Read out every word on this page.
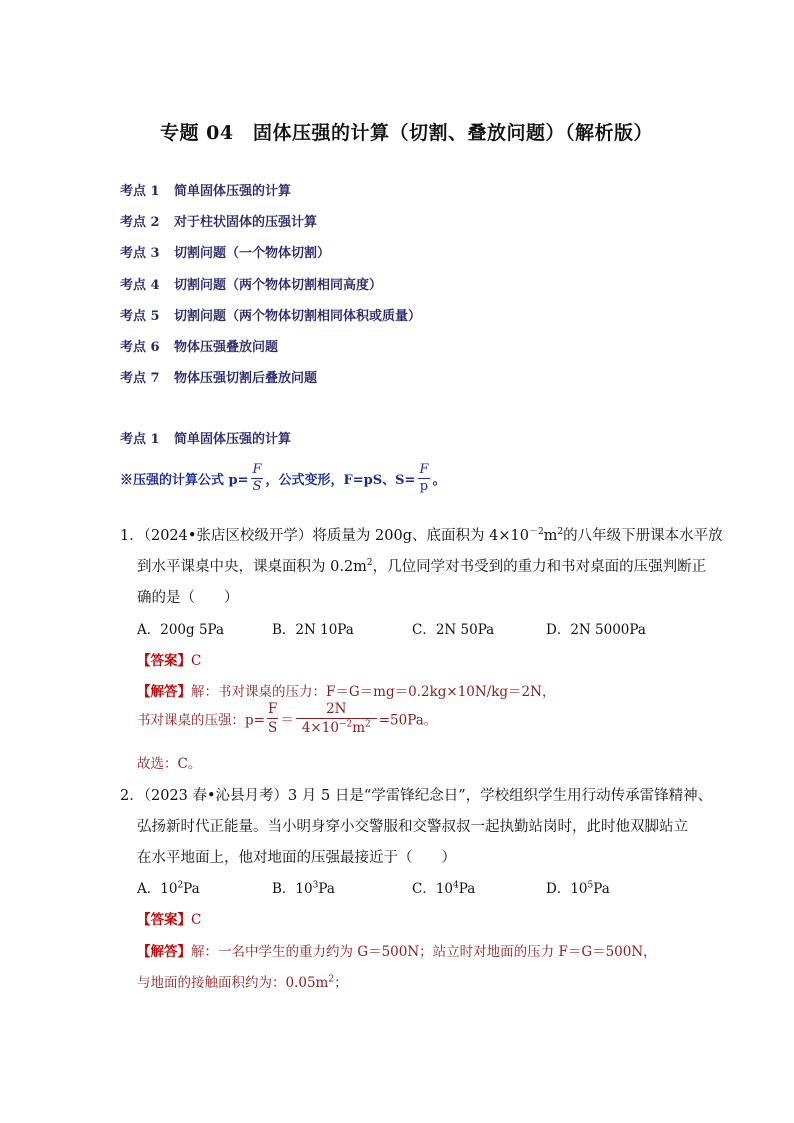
专题 04　固体压强的计算（切割、叠放问题）（解析版）
考点 1 简单固体压强的计算
考点 2 对于柱状固体的压强计算
考点 3 切割问题（一个物体切割）
考点 4 切割问题（两个物体切割相同高度）
考点 5 切割问题（两个物体切割相同体积或质量）
考点 6 物体压强叠放问题
考点 7 物体压强切割后叠放问题
考点 1 简单固体压强的计算
※压强的计算公式 $p= \frac{F}{S}$ ，公式变形，F=pS、$S= \frac{F}{p}$ 。
1．（2024•张店区校级开学）将质量为 200g、底面积为 $4\times 10^{-2}m^2$的八年级下册课本水平放
到水平课桌中央，课桌面积为 $0.2m^2$，几位同学对书受到的重力和书对桌面的压强判断正
确的是（　　）
A．200g 5Pa	B．2N 10Pa	C．2N 50Pa	D．2N 5000Pa
【答案】C
【解答】解：书对课桌的压力：F＝G＝mg＝0.2kg×10N/kg＝2N，
书对课桌的压强：$p= \frac{F}{S} = \frac{2N}{4\times 10^{-2}m^2} =50Pa$。
故选：C。
2．（2023 春•沁县月考）3 月 5 日是“学雷锋纪念日”，学校组织学生用行动传承雷锋精神、
弘扬新时代正能量。当小明身穿小交警服和交警叔叔一起执勤站岗时，此时他双脚站立
在水平地面上，他对地面的压强最接近于（　　）
A．$10^2Pa$	B．$10^3Pa$	C．$10^4Pa$	D．$10^5Pa$
【答案】C
【解答】解：一名中学生的重力约为 G＝500N；站立时对地面的压力 F＝G＝500N，
与地面的接触面积约为：$0.05m^2$；
